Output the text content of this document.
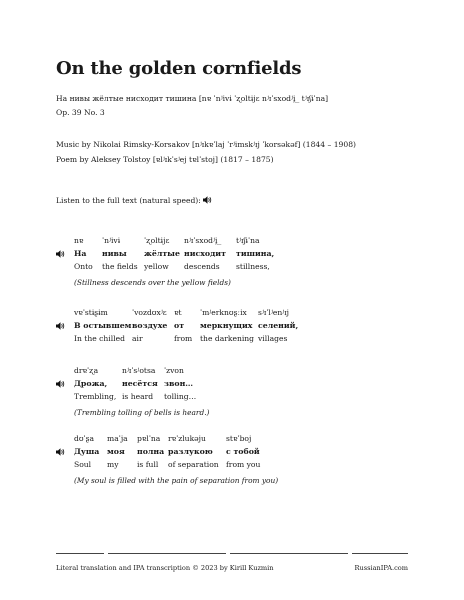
On the golden cornfields
На нивы жёлтые нисходит тишина [nɐ ˈnʲivɨ ˈʐoltɨjɛ nʲɪˈsxodʲi̯_ tʲɪʃɨˈna]
Op. 39 No. 3
Music by Nikolai Rimsky-Korsakov [nʲɪkɐˈlaj ˈrʲimskʲɪj ˈkorsəkəf] (1844 – 1908)
Poem by Aleksey Tolstoy [ɐlʲɪkˈsʲej tɐlˈstoj] (1817 – 1875)
Listen to the full text (natural speed):
nɐ ˈnʲivɨ	ˈʐoltɨjɛ nʲɪˈsxodʲi̯_ tʲɪʃɨˈna
На нивы жёлтые нисходит тишина,
Onto the fields yellow descends stillness,
(Stillness descends over the yellow fields)
vɐˈstɨʂɨm	ˈvozdʊxʲɛ ɐt ˈmʲerknʊʂːix sʲɪˈlʲenʲɪj
В остывшем воздухе от меркнущих селений,
In the chilled air	from the darkening villages
drɐˈʐa	nʲɪˈsʲotsa ˈzvon
Дрожа, несётся звон…
Trembling, is heard tolling…
(Trembling tolling of bells is heard.)
dʊˈʂa maˈja pɐlˈna rɐˈzlukəju	stɐˈboj
Душа моя полна разлукою с тобой
Soul my is full of separation from you
(My soul is filled with the pain of separation from you)
Literal translation and IPA transcription © 2023 by Kirill Kuzmin	RussianIPA.com
